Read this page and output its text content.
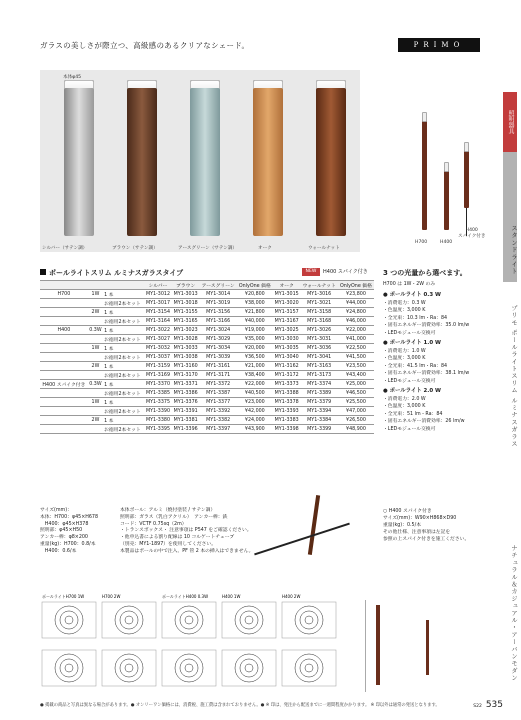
ガラスの美しさが際立つ、高級感のあるクリアなシェード。	PRIMO
照明器具
スタンドライト
プリモ ポールライトスリム ルミナスガラス
ナチュラル＆カジュアル・アーバンモダン
本体φ45
シルバー（サテン調）	ブラウン（サテン調）	アースグリーン（サテン調）	オーク	ウォールナット
H700	H400
H400
スパイク付き
ポールライトスリム ルミナスガラスタイプ	NEW	H400 スパイク付き
			シルバー	ブラウン	アースグリーン	OnlyOne 価格	オーク	ウォールナット	OnlyOne 価格
H700	1W	1 本	MY1-3012	MY1-3013	MY1-3014	¥20,800	MY1-3015	MY1-3016	¥23,800
		お徳用2本セット	MY1-3017	MY1-3018	MY1-3019	¥38,000	MY1-3020	MY1-3021	¥44,000
	2W	1 本	MY1-3154	MY1-3155	MY1-3156	¥21,800	MY1-3157	MY1-3158	¥24,800
		お徳用2本セット	MY1-3164	MY1-3165	MY1-3166	¥40,000	MY1-3167	MY1-3168	¥46,000
H400	0.3W	1 本	MY1-3022	MY1-3023	MY1-3024	¥19,000	MY1-3025	MY1-3026	¥22,000
		お徳用2本セット	MY1-3027	MY1-3028	MY1-3029	¥35,000	MY1-3030	MY1-3031	¥41,000
	1W	1 本	MY1-3032	MY1-3033	MY1-3034	¥20,000	MY1-3035	MY1-3036	¥22,500
		お徳用2本セット	MY1-3037	MY1-3038	MY1-3039	¥36,500	MY1-3040	MY1-3041	¥41,500
	2W	1 本	MY1-3159	MY1-3160	MY1-3161	¥21,000	MY1-3162	MY1-3163	¥23,500
		お徳用2本セット	MY1-3169	MY1-3170	MY1-3171	¥38,400	MY1-3172	MY1-3173	¥43,400
H400 スパイク付き	0.3W	1 本	MY1-3370	MY1-3371	MY1-3372	¥22,000	MY1-3373	MY1-3374	¥25,000
		お徳用2本セット	MY1-3385	MY1-3386	MY1-3387	¥40,500	MY1-3388	MY1-3389	¥46,500
	1W	1 本	MY1-3375	MY1-3376	MY1-3377	¥23,000	MY1-3378	MY1-3379	¥25,500
		お徳用2本セット	MY1-3390	MY1-3391	MY1-3392	¥42,000	MY1-3393	MY1-3394	¥47,000
	2W	1 本	MY1-3380	MY1-3381	MY1-3382	¥24,000	MY1-3383	MY1-3384	¥26,500
		お徳用2本セット	MY1-3395	MY1-3396	MY1-3397	¥43,900	MY1-3398	MY1-3399	¥48,900
3 つの光量から選べます。
H700 は 1W・2W のみ
● ポールライト 0.3 W
・消費電力：0.3 W
・色温度：3,000 K
・全光束：10.3 lm・Ra：84
・固有エネルギー消費効率：35.0 lm/w
・LEDモジュール交換可
● ポールライト 1.0 W
・消費電力：1.0 W
・色温度：3,000 K
・全光束：41.5 lm・Ra：84
・固有エネルギー消費効率：38.1 lm/w
・LEDモジュール交換可
● ポールライト 2.0 W
・消費電力：2.0 W
・色温度：3,000 K
・全光束：51 lm・Ra：84
・固有エネルギー消費効率：26 lm/w
・LEDモジュール交換可
サイズ(mm)：
本体：H700：φ45×H678
　H400：φ45×H378
照明部：φ45×H50
アンカー棒：φ8×200
重量(kg)：H700：0.8/本
　H400：0.6/本
本体ポール：アルミ（焼付塗装 / サテン調）
照明部：ガラス（乳白アクリル）　アンカー棒：鉄
コード：VCTF 0.75sq（2m）
・トランスボックス・ 注意事項は P547 をご確認ください。
・他申込書による割り配線は 10 コルゲートチューブ
（別売：MY1-1897）を使用してください。
本製品はポールの中で注入、PF 管 2 本の挿入はできません。
○ H400 スパイク付き
サイズ(mm)：W90×H868×D90
重量(kg)：0.5/本
その他仕様、注意事項は左記を
参照の上スパイク付きを施工ください。
ポールライトH700 1W	H700 2W	ポールライトH400 0.3W	H400 1W	H400 2W
● 掲載の商品と写真は異なる場合があります。● オンリーワン価格には、消費税、施工費は含まれておりません。● ※ 印は、発注から配送までに一週間程度かかります。 ※ 印以外は通常の発送となります。	S22 535
